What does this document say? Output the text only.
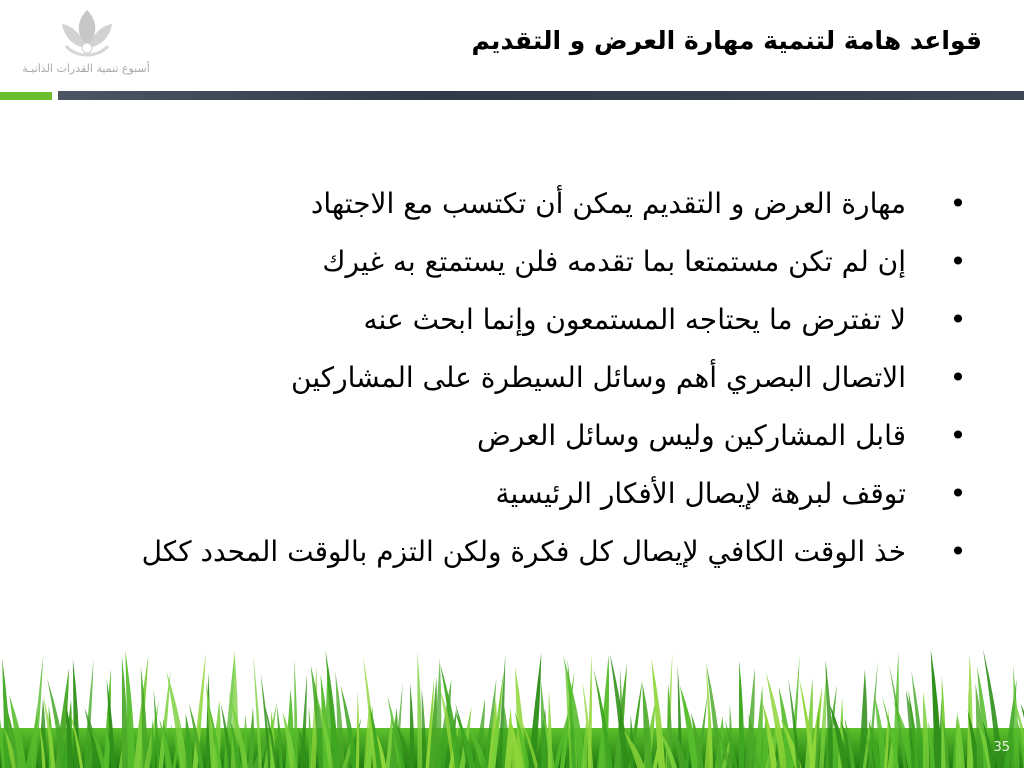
أسبوع تنمية القدرات الذاتيـة
قواعد هامة لتنمية مهارة العرض و التقديم
•
مهارة العرض و التقديم يمكن أن تكتسب مع الاجتهاد
•
إن لم تكن مستمتعا بما تقدمه فلن يستمتع به غيرك
•
لا تفترض ما يحتاجه المستمعون وإنما ابحث عنه
•
الاتصال البصري أهم وسائل السيطرة على المشاركين
•
قابل المشاركين وليس وسائل العرض
•
توقف لبرهة لإيصال الأفكار الرئيسية
•
خذ الوقت الكافي لإيصال كل فكرة ولكن التزم بالوقت المحدد ككل
35
